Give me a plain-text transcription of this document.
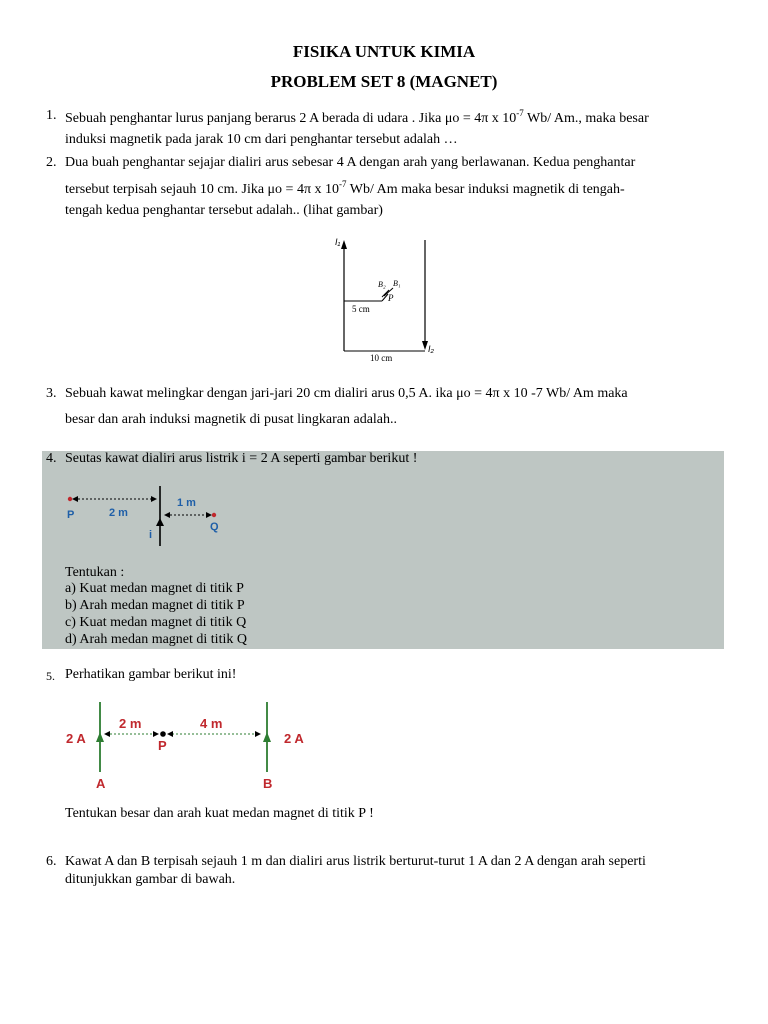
FISIKA UNTUK KIMIA
PROBLEM SET 8 (MAGNET)
1. Sebuah penghantar lurus panjang berarus 2 A berada di udara . Jika μo = 4π x $10^{-7}$ Wb/ Am., maka besar
induksi magnetik pada jarak 10 cm dari penghantar tersebut adalah …
2. Dua buah penghantar sejajar dialiri arus sebesar 4 A dengan arah yang berlawanan. Kedua penghantar
tersebut terpisah sejauh 10 cm. Jika μo = 4π x $10^{-7}$ Wb/ Am maka besar induksi magnetik di tengah-
tengah kedua penghantar tersebut adalah.. (lihat gambar)
I₁
I₂
10 cm
5 cm
B₂ B₁
P
3. Sebuah kawat melingkar dengan jari-jari 20 cm dialiri arus 0,5 A. ika μo = 4π x 10 -7 Wb/ Am maka
besar dan arah induksi magnetik di pusat lingkaran adalah..
4. Seutas kawat dialiri arus listrik i = 2 A seperti gambar berikut !
P	2 m
1 m
Q
i
Tentukan :
a) Kuat medan magnet di titik P
b) Arah medan magnet di titik P
c) Kuat medan magnet di titik Q
d) Arah medan magnet di titik Q
5. Perhatikan gambar berikut ini!
2 m	4 m
2 A	2 A
P
A	B
Tentukan besar dan arah kuat medan magnet di titik P !
6. Kawat A dan B terpisah sejauh 1 m dan dialiri arus listrik berturut-turut 1 A dan 2 A dengan arah seperti
ditunjukkan gambar di bawah.
